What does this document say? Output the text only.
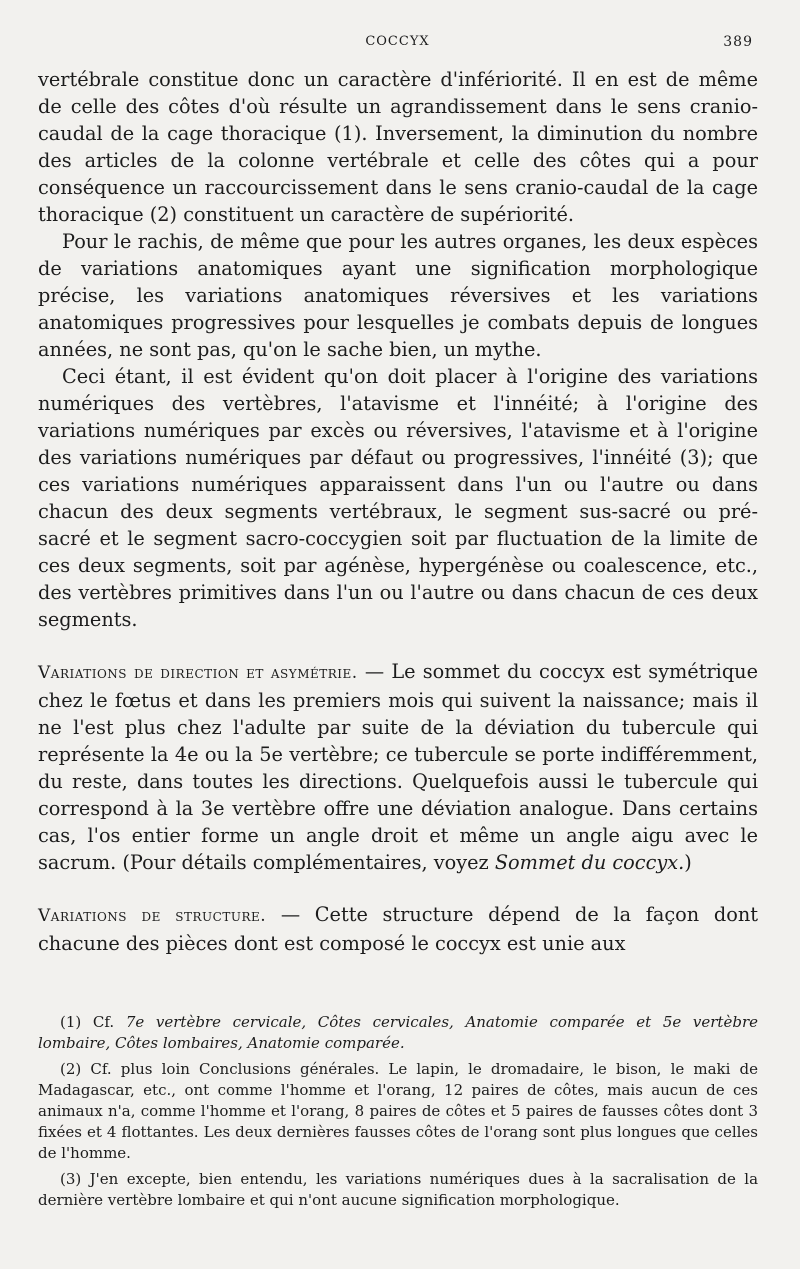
COCCYX	389

vertébrale constitue donc un caractère d'infériorité. Il en est de même de celle des côtes d'où résulte un agrandissement dans le sens cranio-caudal de la cage thoracique (1). Inversement, la diminution du nombre des articles de la colonne vertébrale et celle des côtes qui a pour conséquence un raccourcissement dans le sens cranio-caudal de la cage thoracique (2) constituent un caractère de supériorité.

Pour le rachis, de même que pour les autres organes, les deux espèces de variations anatomiques ayant une signification morphologique précise, les variations anatomiques réversives et les variations anatomiques progressives pour lesquelles je combats depuis de longues années, ne sont pas, qu'on le sache bien, un mythe.

Ceci étant, il est évident qu'on doit placer à l'origine des variations numériques des vertèbres, l'atavisme et l'innéité; à l'origine des variations numériques par excès ou réversives, l'atavisme et à l'origine des variations numériques par défaut ou progressives, l'innéité (3); que ces variations numériques apparaissent dans l'un ou l'autre ou dans chacun des deux segments vertébraux, le segment sus-sacré ou pré-sacré et le segment sacro-coccygien soit par fluctuation de la limite de ces deux segments, soit par agénèse, hypergénèse ou coalescence, etc., des vertèbres primitives dans l'un ou l'autre ou dans chacun de ces deux segments.

Variations de direction et asymétrie. — Le sommet du coccyx est symétrique chez le fœtus et dans les premiers mois qui suivent la naissance; mais il ne l'est plus chez l'adulte par suite de la déviation du tubercule qui représente la 4e ou la 5e vertèbre; ce tubercule se porte indifféremment, du reste, dans toutes les directions. Quelquefois aussi le tubercule qui correspond à la 3e vertèbre offre une déviation analogue. Dans certains cas, l'os entier forme un angle droit et même un angle aigu avec le sacrum. (Pour détails complémentaires, voyez Sommet du coccyx.)

Variations de structure. — Cette structure dépend de la façon dont chacune des pièces dont est composé le coccyx est unie aux

(1) Cf. 7e vertèbre cervicale, Côtes cervicales, Anatomie comparée et 5e vertèbre lombaire, Côtes lombaires, Anatomie comparée.

(2) Cf. plus loin Conclusions générales. Le lapin, le dromadaire, le bison, le maki de Madagascar, etc., ont comme l'homme et l'orang, 12 paires de côtes, mais aucun de ces animaux n'a, comme l'homme et l'orang, 8 paires de côtes et 5 paires de fausses côtes dont 3 fixées et 4 flottantes. Les deux dernières fausses côtes de l'orang sont plus longues que celles de l'homme.

(3) J'en excepte, bien entendu, les variations numériques dues à la sacralisation de la dernière vertèbre lombaire et qui n'ont aucune signification morphologique.
